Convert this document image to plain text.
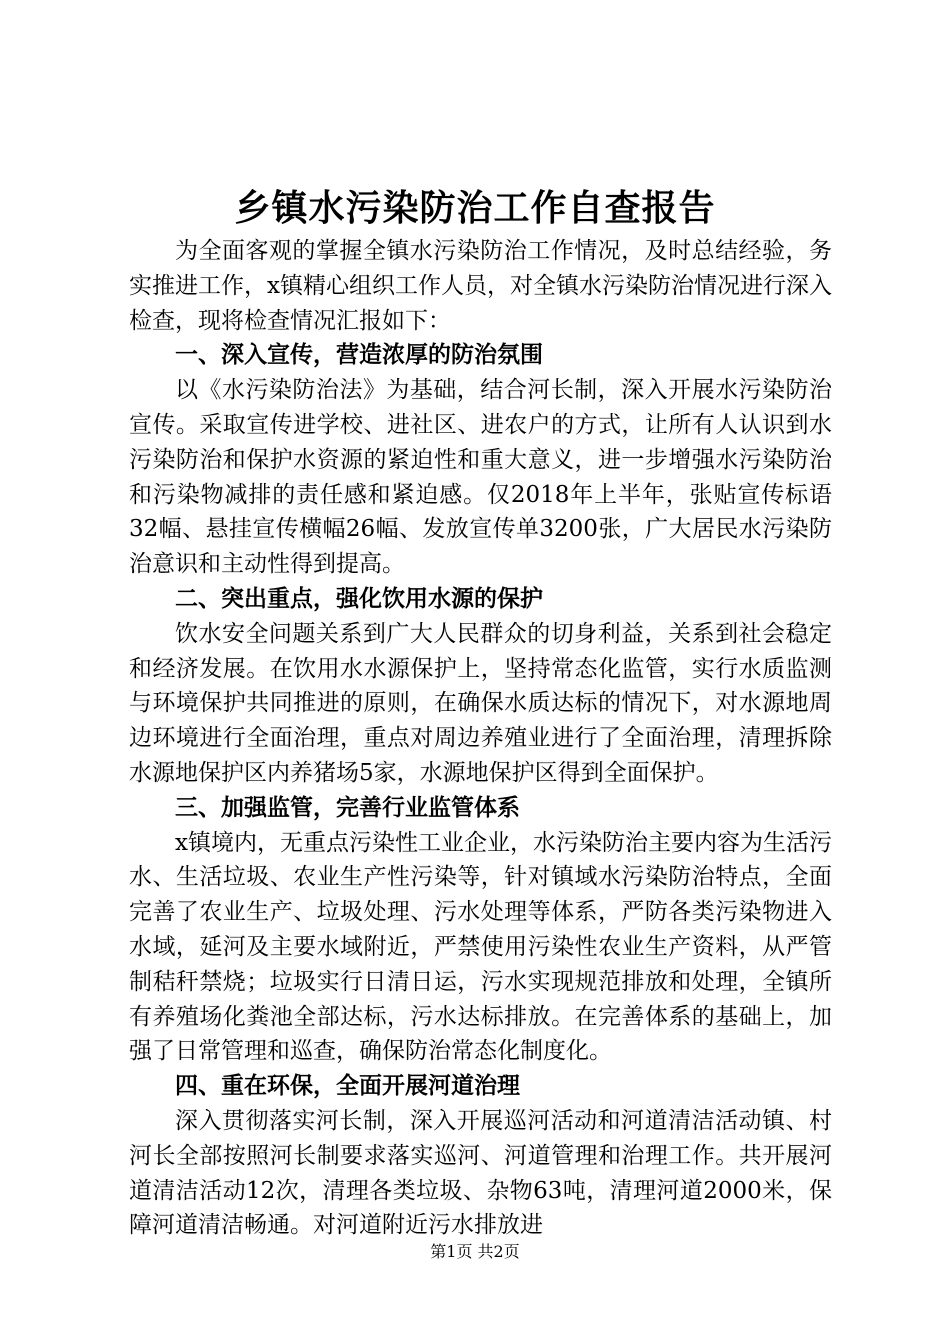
乡镇水污染防治工作自查报告

为全面客观的掌握全镇水污染防治工作情况，及时总结经验，务实推进工作，x镇精心组织工作人员，对全镇水污染防治情况进行深入检查，现将检查情况汇报如下：

一、深入宣传，营造浓厚的防治氛围

以《水污染防治法》为基础，结合河长制，深入开展水污染防治宣传。采取宣传进学校、进社区、进农户的方式，让所有人认识到水污染防治和保护水资源的紧迫性和重大意义，进一步增强水污染防治和污染物减排的责任感和紧迫感。仅2018年上半年，张贴宣传标语32幅、悬挂宣传横幅26幅、发放宣传单3200张，广大居民水污染防治意识和主动性得到提高。

二、突出重点，强化饮用水源的保护

饮水安全问题关系到广大人民群众的切身利益，关系到社会稳定和经济发展。在饮用水水源保护上，坚持常态化监管，实行水质监测与环境保护共同推进的原则，在确保水质达标的情况下，对水源地周边环境进行全面治理，重点对周边养殖业进行了全面治理，清理拆除水源地保护区内养猪场5家，水源地保护区得到全面保护。

三、加强监管，完善行业监管体系

x镇境内，无重点污染性工业企业，水污染防治主要内容为生活污水、生活垃圾、农业生产性污染等，针对镇域水污染防治特点，全面完善了农业生产、垃圾处理、污水处理等体系，严防各类污染物进入水域，延河及主要水域附近，严禁使用污染性农业生产资料，从严管制秸秆禁烧；垃圾实行日清日运，污水实现规范排放和处理，全镇所有养殖场化粪池全部达标，污水达标排放。在完善体系的基础上，加强了日常管理和巡查，确保防治常态化制度化。

四、重在环保，全面开展河道治理

深入贯彻落实河长制，深入开展巡河活动和河道清洁活动镇、村河长全部按照河长制要求落实巡河、河道管理和治理工作。共开展河道清洁活动12次，清理各类垃圾、杂物63吨，清理河道2000米，保障河道清洁畅通。对河道附近污水排放进

第1页 共2页
